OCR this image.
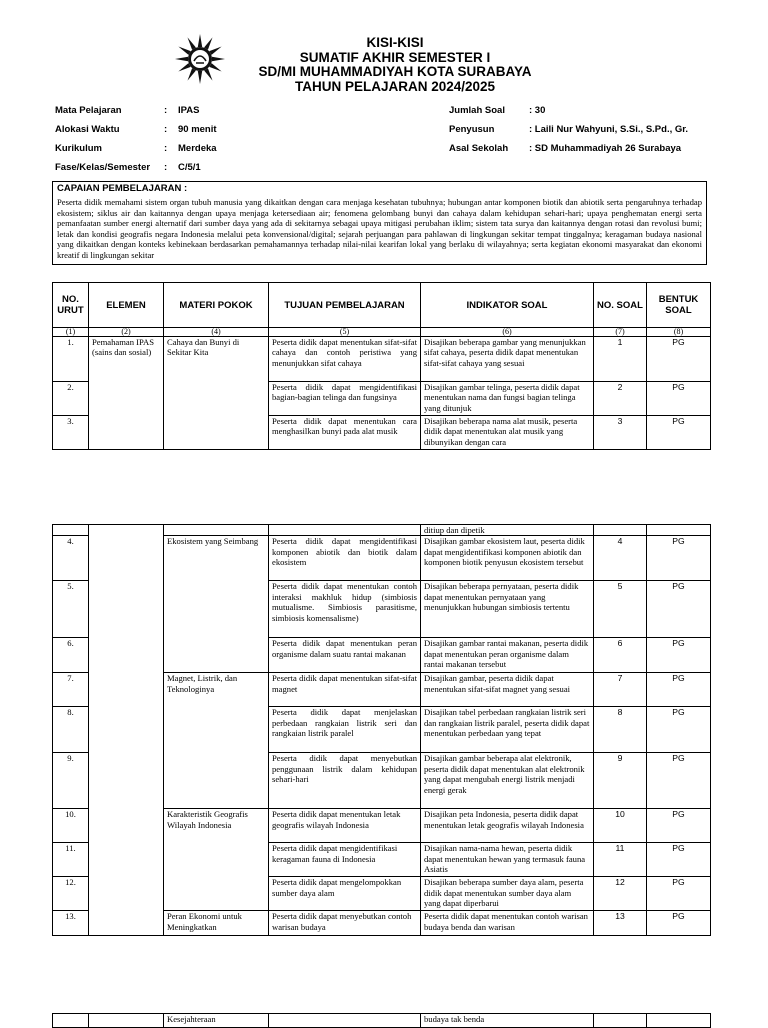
KISI-KISI
SUMATIF AKHIR SEMESTER I
SD/MI MUHAMMADIYAH KOTA SURABAYA
TAHUN PELAJARAN 2024/2025
Mata Pelajaran	: IPAS
Alokasi Waktu	: 90 menit
Kurikulum	: Merdeka
Fase/Kelas/Semester : C/5/1
Jumlah Soal	: 30
Penyusun	: Laili Nur Wahyuni, S.Si., S.Pd., Gr.
Asal Sekolah : SD Muhammadiyah 26 Surabaya
CAPAIAN PEMBELAJARAN :
Peserta didik memahami sistem organ tubuh manusia yang dikaitkan dengan cara menjaga kesehatan tubuhnya; hubungan antar komponen biotik dan abiotik serta pengaruhnya terhadap ekosistem; siklus air dan kaitannya dengan upaya menjaga ketersediaan air; fenomena gelombang bunyi dan cahaya dalam kehidupan sehari-hari; upaya penghematan energi serta pemanfaatan sumber energi alternatif dari sumber daya yang ada di sekitarnya sebagai upaya mitigasi perubahan iklim; sistem tata surya dan kaitannya dengan rotasi dan revolusi bumi; letak dan kondisi geografis negara Indonesia melalui peta konvensional/digital; sejarah perjuangan para pahlawan di lingkungan sekitar tempat tinggalnya; keragaman budaya nasional yang dikaitkan dengan konteks kebinekaan berdasarkan pemahamannya terhadap nilai-nilai kearifan lokal yang berlaku di wilayahnya; serta kegiatan ekonomi masyarakat dan ekonomi kreatif di lingkungan sekitar
NO. URUT	ELEMEN	MATERI POKOK	TUJUAN PEMBELAJARAN	INDIKATOR SOAL	NO. SOAL	BENTUK SOAL
(1)	(2)	(4)	(5)	(6)	(7)	(8)
1.	Pemahaman IPAS (sains dan sosial)	Cahaya dan Bunyi di Sekitar Kita	Peserta didik dapat menentukan sifat-sifat cahaya dan contoh peristiwa yang menunjukkan sifat cahaya	Disajikan beberapa gambar yang menunjukkan sifat cahaya, peserta didik dapat menentukan sifat-sifat cahaya yang sesuai	1	PG
2.			Peserta didik dapat mengidentifikasi bagian-bagian telinga dan fungsinya	Disajikan gambar telinga, peserta didik dapat menentukan nama dan fungsi bagian telinga yang ditunjuk	2	PG
3.			Peserta didik dapat menentukan cara menghasilkan bunyi pada alat musik	Disajikan beberapa nama alat musik, peserta didik dapat menentukan alat musik yang dibunyikan dengan cara	3	PG
				ditiup dan dipetik		
4.		Ekosistem yang Seimbang	Peserta didik dapat mengidentifikasi komponen abiotik dan biotik dalam ekosistem	Disajikan gambar ekosistem laut, peserta didik dapat mengidentifikasi komponen abiotik dan komponen biotik penyusun ekosistem tersebut	4	PG
5.			Peserta didik dapat menentukan contoh interaksi makhluk hidup (simbiosis mutualisme. Simbiosis parasitisme, simbiosis komensalisme)	Disajikan beberapa pernyataan, peserta didik dapat menentukan pernyataan yang menunjukkan hubungan simbiosis tertentu	5	PG
6.			Peserta didik dapat menentukan peran organisme dalam suatu rantai makanan	Disajikan gambar rantai makanan, peserta didik dapat menentukan peran organisme dalam rantai makanan tersebut	6	PG
7.		Magnet, Listrik, dan Teknologinya	Peserta didik dapat menentukan sifat-sifat magnet	Disajikan gambar, peserta didik dapat menentukan sifat-sifat magnet yang sesuai	7	PG
8.			Peserta didik dapat menjelaskan perbedaan rangkaian listrik seri dan rangkaian listrik paralel	Disajikan tabel perbedaan rangkaian listrik seri dan rangkaian listrik paralel, peserta didik dapat menentukan perbedaan yang tepat	8	PG
9.			Peserta didik dapat menyebutkan penggunaan listrik dalam kehidupan sehari-hari	Disajikan gambar beberapa alat elektronik, peserta didik dapat menentukan alat elektronik yang dapat mengubah energi listrik menjadi energi gerak	9	PG
10.		Karakteristik Geografis Wilayah Indonesia	Peserta didik dapat menentukan letak geografis wilayah Indonesia	Disajikan peta Indonesia, peserta didik dapat menentukan letak geografis wilayah Indonesia	10	PG
11.			Peserta didik dapat mengidentifikasi keragaman fauna di Indonesia	Disajikan nama-nama hewan, peserta didik dapat menentukan hewan yang termasuk fauna Asiatis	11	PG
12.			Peserta didik dapat mengelompokkan sumber daya alam	Disajikan beberapa sumber daya alam, peserta didik dapat menentukan sumber daya alam yang dapat diperbarui	12	PG
13.		Peran Ekonomi untuk Meningkatkan	Peserta didik dapat menyebutkan contoh warisan budaya	Peserta didik dapat menentukan contoh warisan budaya benda dan warisan	13	PG
		Kesejahteraan		budaya tak benda		
